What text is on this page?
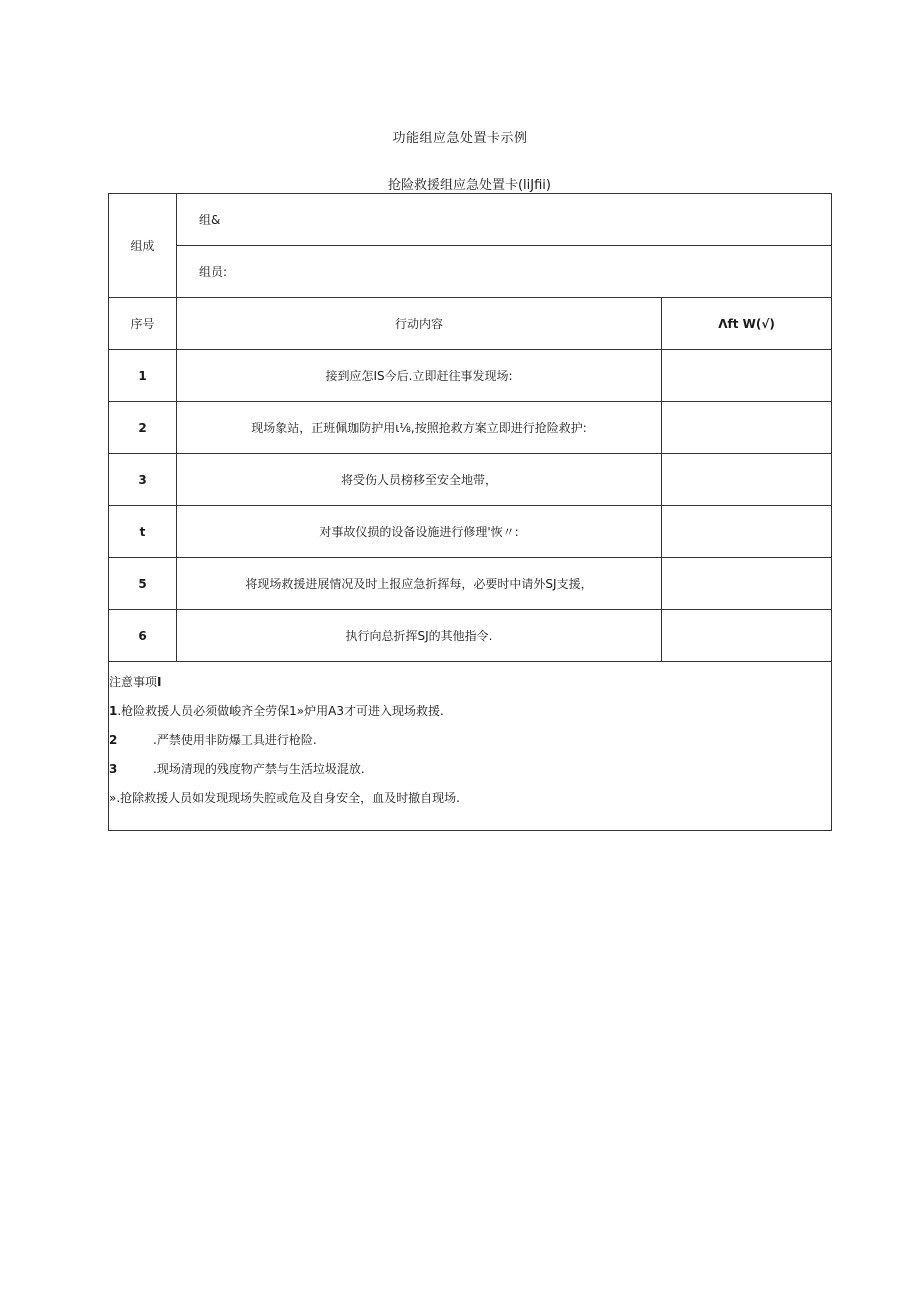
功能组应急处置卡示例
抢险救援组应急处置卡(liJfii)
组成	组&	
	组员:	
序号	行动内容	Λft W(√)
1	接到应怎IS今后.立即赶往事发现场:	
2	现场象站，正班佩珈防护用ι⅛,按照抢救方案立即进行抢险救护:	
3	将受伤人员榜移至安全地带，	
t	对事故仪损的设备设施进行修理'恢〃:	
5	将现场救援进展情况及时上报应急折挥每，必要时中请外SJ支援，	
6	执行向总折挥SJ的其他指令.	

注意事项I
1.枪险救援人员必须做峻齐全劳保1»炉用A3才可进入现场救援.
2 .严禁使用非防爆工具进行枪险.
3 .现场清现的残度物产禁与生活垃圾混放.
».抢除救援人员如发现现场失腔或危及自身安全，血及时撤自现场.		
